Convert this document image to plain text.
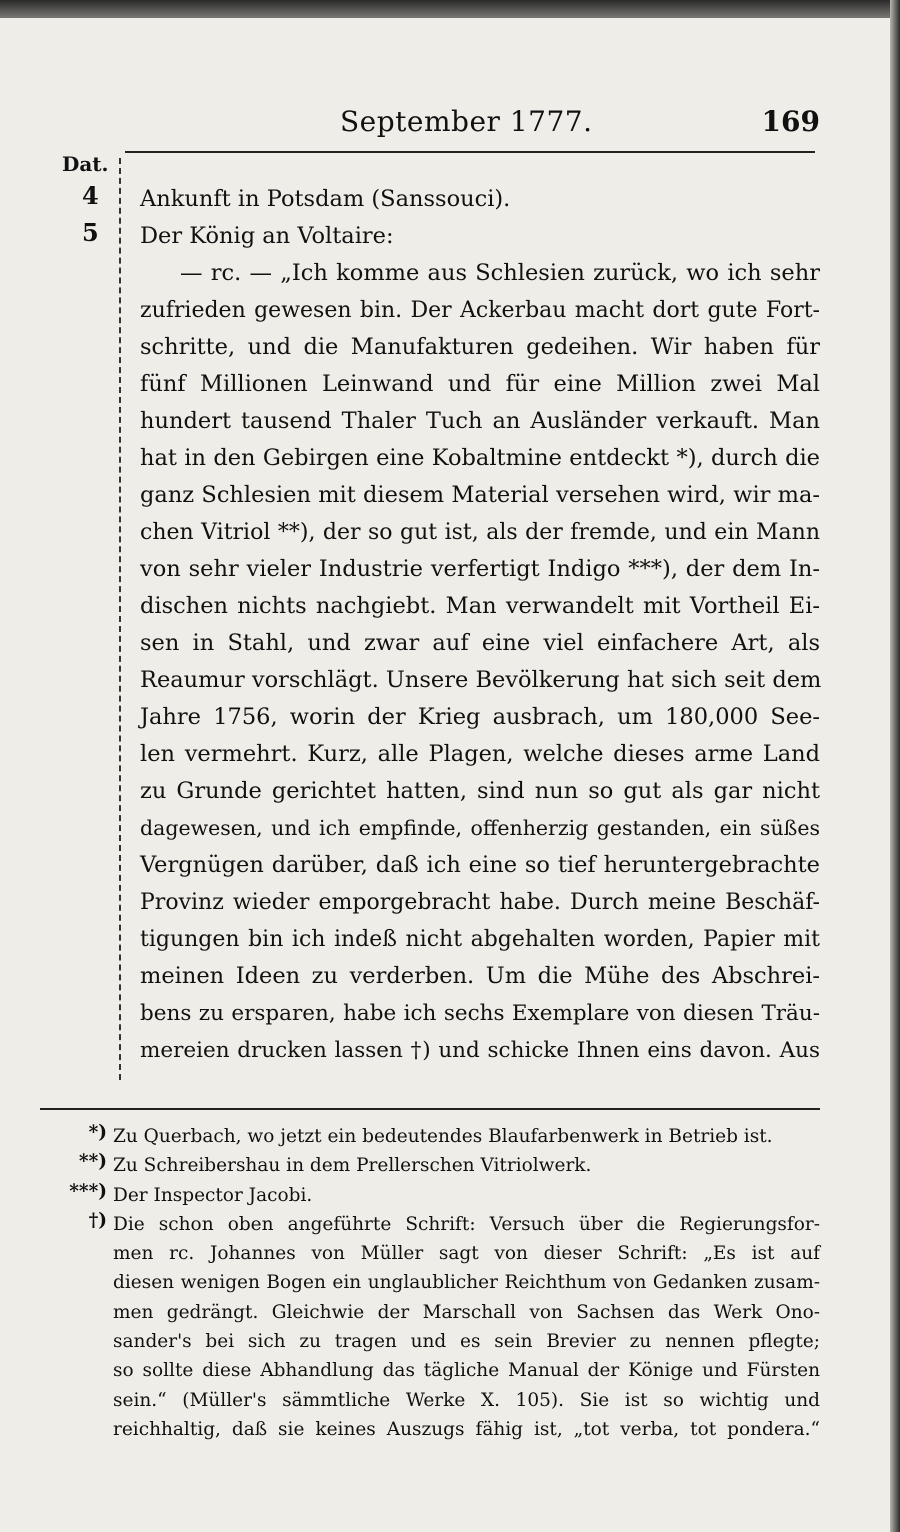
September 1777.	169
Dat.
4
5
Ankunft in Potsdam (Sanssouci).
Der König an Voltaire:
— rc. — „Ich komme aus Schlesien zurück, wo ich sehr
zufrieden gewesen bin. Der Ackerbau macht dort gute Fort-
schritte, und die Manufakturen gedeihen. Wir haben für
fünf Millionen Leinwand und für eine Million zwei Mal
hundert tausend Thaler Tuch an Ausländer verkauft. Man
hat in den Gebirgen eine Kobaltmine entdeckt *), durch die
ganz Schlesien mit diesem Material versehen wird, wir ma-
chen Vitriol **), der so gut ist, als der fremde, und ein Mann
von sehr vieler Industrie verfertigt Indigo ***), der dem In-
dischen nichts nachgiebt. Man verwandelt mit Vortheil Ei-
sen in Stahl, und zwar auf eine viel einfachere Art, als
Reaumur vorschlägt. Unsere Bevölkerung hat sich seit dem
Jahre 1756, worin der Krieg ausbrach, um 180,000 See-
len vermehrt. Kurz, alle Plagen, welche dieses arme Land
zu Grunde gerichtet hatten, sind nun so gut als gar nicht
dagewesen, und ich empfinde, offenherzig gestanden, ein süßes
Vergnügen darüber, daß ich eine so tief heruntergebrachte
Provinz wieder emporgebracht habe. Durch meine Beschäf-
tigungen bin ich indeß nicht abgehalten worden, Papier mit
meinen Ideen zu verderben. Um die Mühe des Abschrei-
bens zu ersparen, habe ich sechs Exemplare von diesen Träu-
mereien drucken lassen †) und schicke Ihnen eins davon. Aus
*) Zu Querbach, wo jetzt ein bedeutendes Blaufarbenwerk in Betrieb ist.
**) Zu Schreibershau in dem Prellerschen Vitriolwerk.
***) Der Inspector Jacobi.
†) Die schon oben angeführte Schrift: Versuch über die Regierungsfor-
men rc. Johannes von Müller sagt von dieser Schrift: „Es ist auf
diesen wenigen Bogen ein unglaublicher Reichthum von Gedanken zusam-
men gedrängt. Gleichwie der Marschall von Sachsen das Werk Ono-
sander's bei sich zu tragen und es sein Brevier zu nennen pflegte;
so sollte diese Abhandlung das tägliche Manual der Könige und Fürsten
sein.“ (Müller's sämmtliche Werke X. 105). Sie ist so wichtig und
reichhaltig, daß sie keines Auszugs fähig ist, „tot verba, tot pondera.“
